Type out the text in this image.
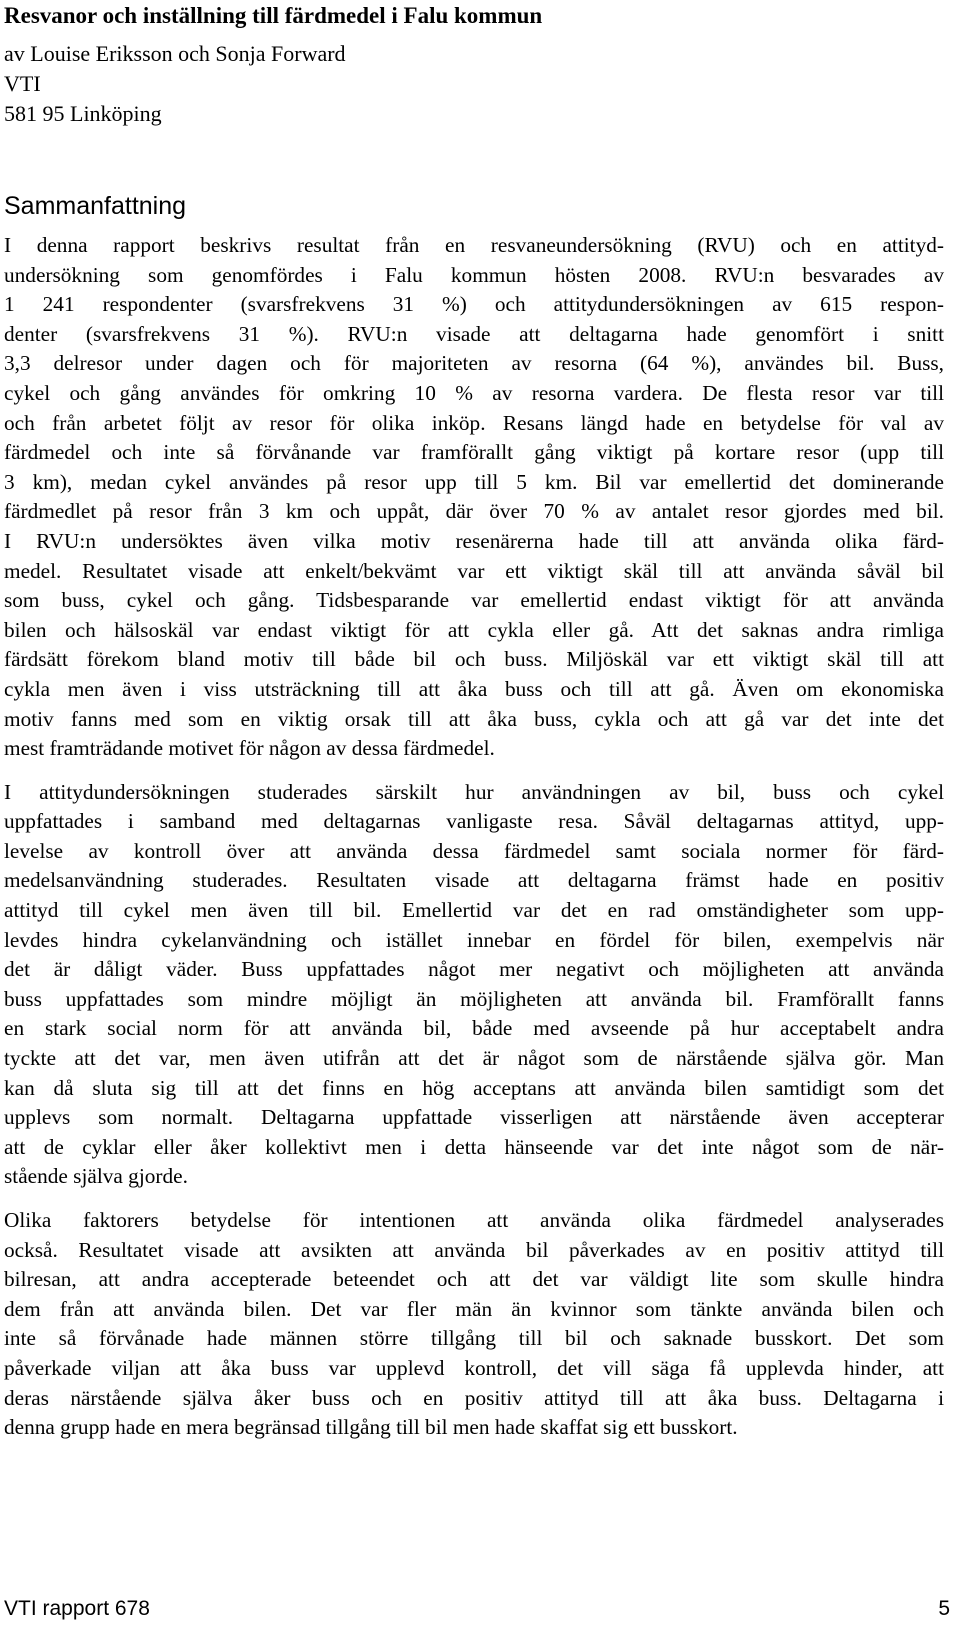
Resvanor och inställning till färdmedel i Falu kommun
av Louise Eriksson och Sonja Forward
VTI
581 95 Linköping
Sammanfattning
I denna rapport beskrivs resultat från en resvaneundersökning (RVU) och en attityd-
undersökning som genomfördes i Falu kommun hösten 2008. RVU:n besvarades av
1 241 respondenter (svarsfrekvens 31 %) och attitydundersökningen av 615 respon-
denter (svarsfrekvens 31 %). RVU:n visade att deltagarna hade genomfört i snitt
3,3 delresor under dagen och för majoriteten av resorna (64 %), användes bil. Buss,
cykel och gång användes för omkring 10 % av resorna vardera. De flesta resor var till
och från arbetet följt av resor för olika inköp. Resans längd hade en betydelse för val av
färdmedel och inte så förvånande var framförallt gång viktigt på kortare resor (upp till
3 km), medan cykel användes på resor upp till 5 km. Bil var emellertid det dominerande
färdmedlet på resor från 3 km och uppåt, där över 70 % av antalet resor gjordes med bil.
I RVU:n undersöktes även vilka motiv resenärerna hade till att använda olika färd-
medel. Resultatet visade att enkelt/bekvämt var ett viktigt skäl till att använda såväl bil
som buss, cykel och gång. Tidsbesparande var emellertid endast viktigt för att använda
bilen och hälsoskäl var endast viktigt för att cykla eller gå. Att det saknas andra rimliga
färdsätt förekom bland motiv till både bil och buss. Miljöskäl var ett viktigt skäl till att
cykla men även i viss utsträckning till att åka buss och till att gå. Även om ekonomiska
motiv fanns med som en viktig orsak till att åka buss, cykla och att gå var det inte det
mest framträdande motivet för någon av dessa färdmedel.
I attitydundersökningen studerades särskilt hur användningen av bil, buss och cykel
uppfattades i samband med deltagarnas vanligaste resa. Såväl deltagarnas attityd, upp-
levelse av kontroll över att använda dessa färdmedel samt sociala normer för färd-
medelsanvändning studerades. Resultaten visade att deltagarna främst hade en positiv
attityd till cykel men även till bil. Emellertid var det en rad omständigheter som upp-
levdes hindra cykelanvändning och istället innebar en fördel för bilen, exempelvis när
det är dåligt väder. Buss uppfattades något mer negativt och möjligheten att använda
buss uppfattades som mindre möjligt än möjligheten att använda bil. Framförallt fanns
en stark social norm för att använda bil, både med avseende på hur acceptabelt andra
tyckte att det var, men även utifrån att det är något som de närstående själva gör. Man
kan då sluta sig till att det finns en hög acceptans att använda bilen samtidigt som det
upplevs som normalt. Deltagarna uppfattade visserligen att närstående även accepterar
att de cyklar eller åker kollektivt men i detta hänseende var det inte något som de när-
stående själva gjorde.
Olika faktorers betydelse för intentionen att använda olika färdmedel analyserades
också. Resultatet visade att avsikten att använda bil påverkades av en positiv attityd till
bilresan, att andra accepterade beteendet och att det var väldigt lite som skulle hindra
dem från att använda bilen. Det var fler män än kvinnor som tänkte använda bilen och
inte så förvånade hade männen större tillgång till bil och saknade busskort. Det som
påverkade viljan att åka buss var upplevd kontroll, det vill säga få upplevda hinder, att
deras närstående själva åker buss och en positiv attityd till att åka buss. Deltagarna i
denna grupp hade en mera begränsad tillgång till bil men hade skaffat sig ett busskort.
VTI rapport 678	5
